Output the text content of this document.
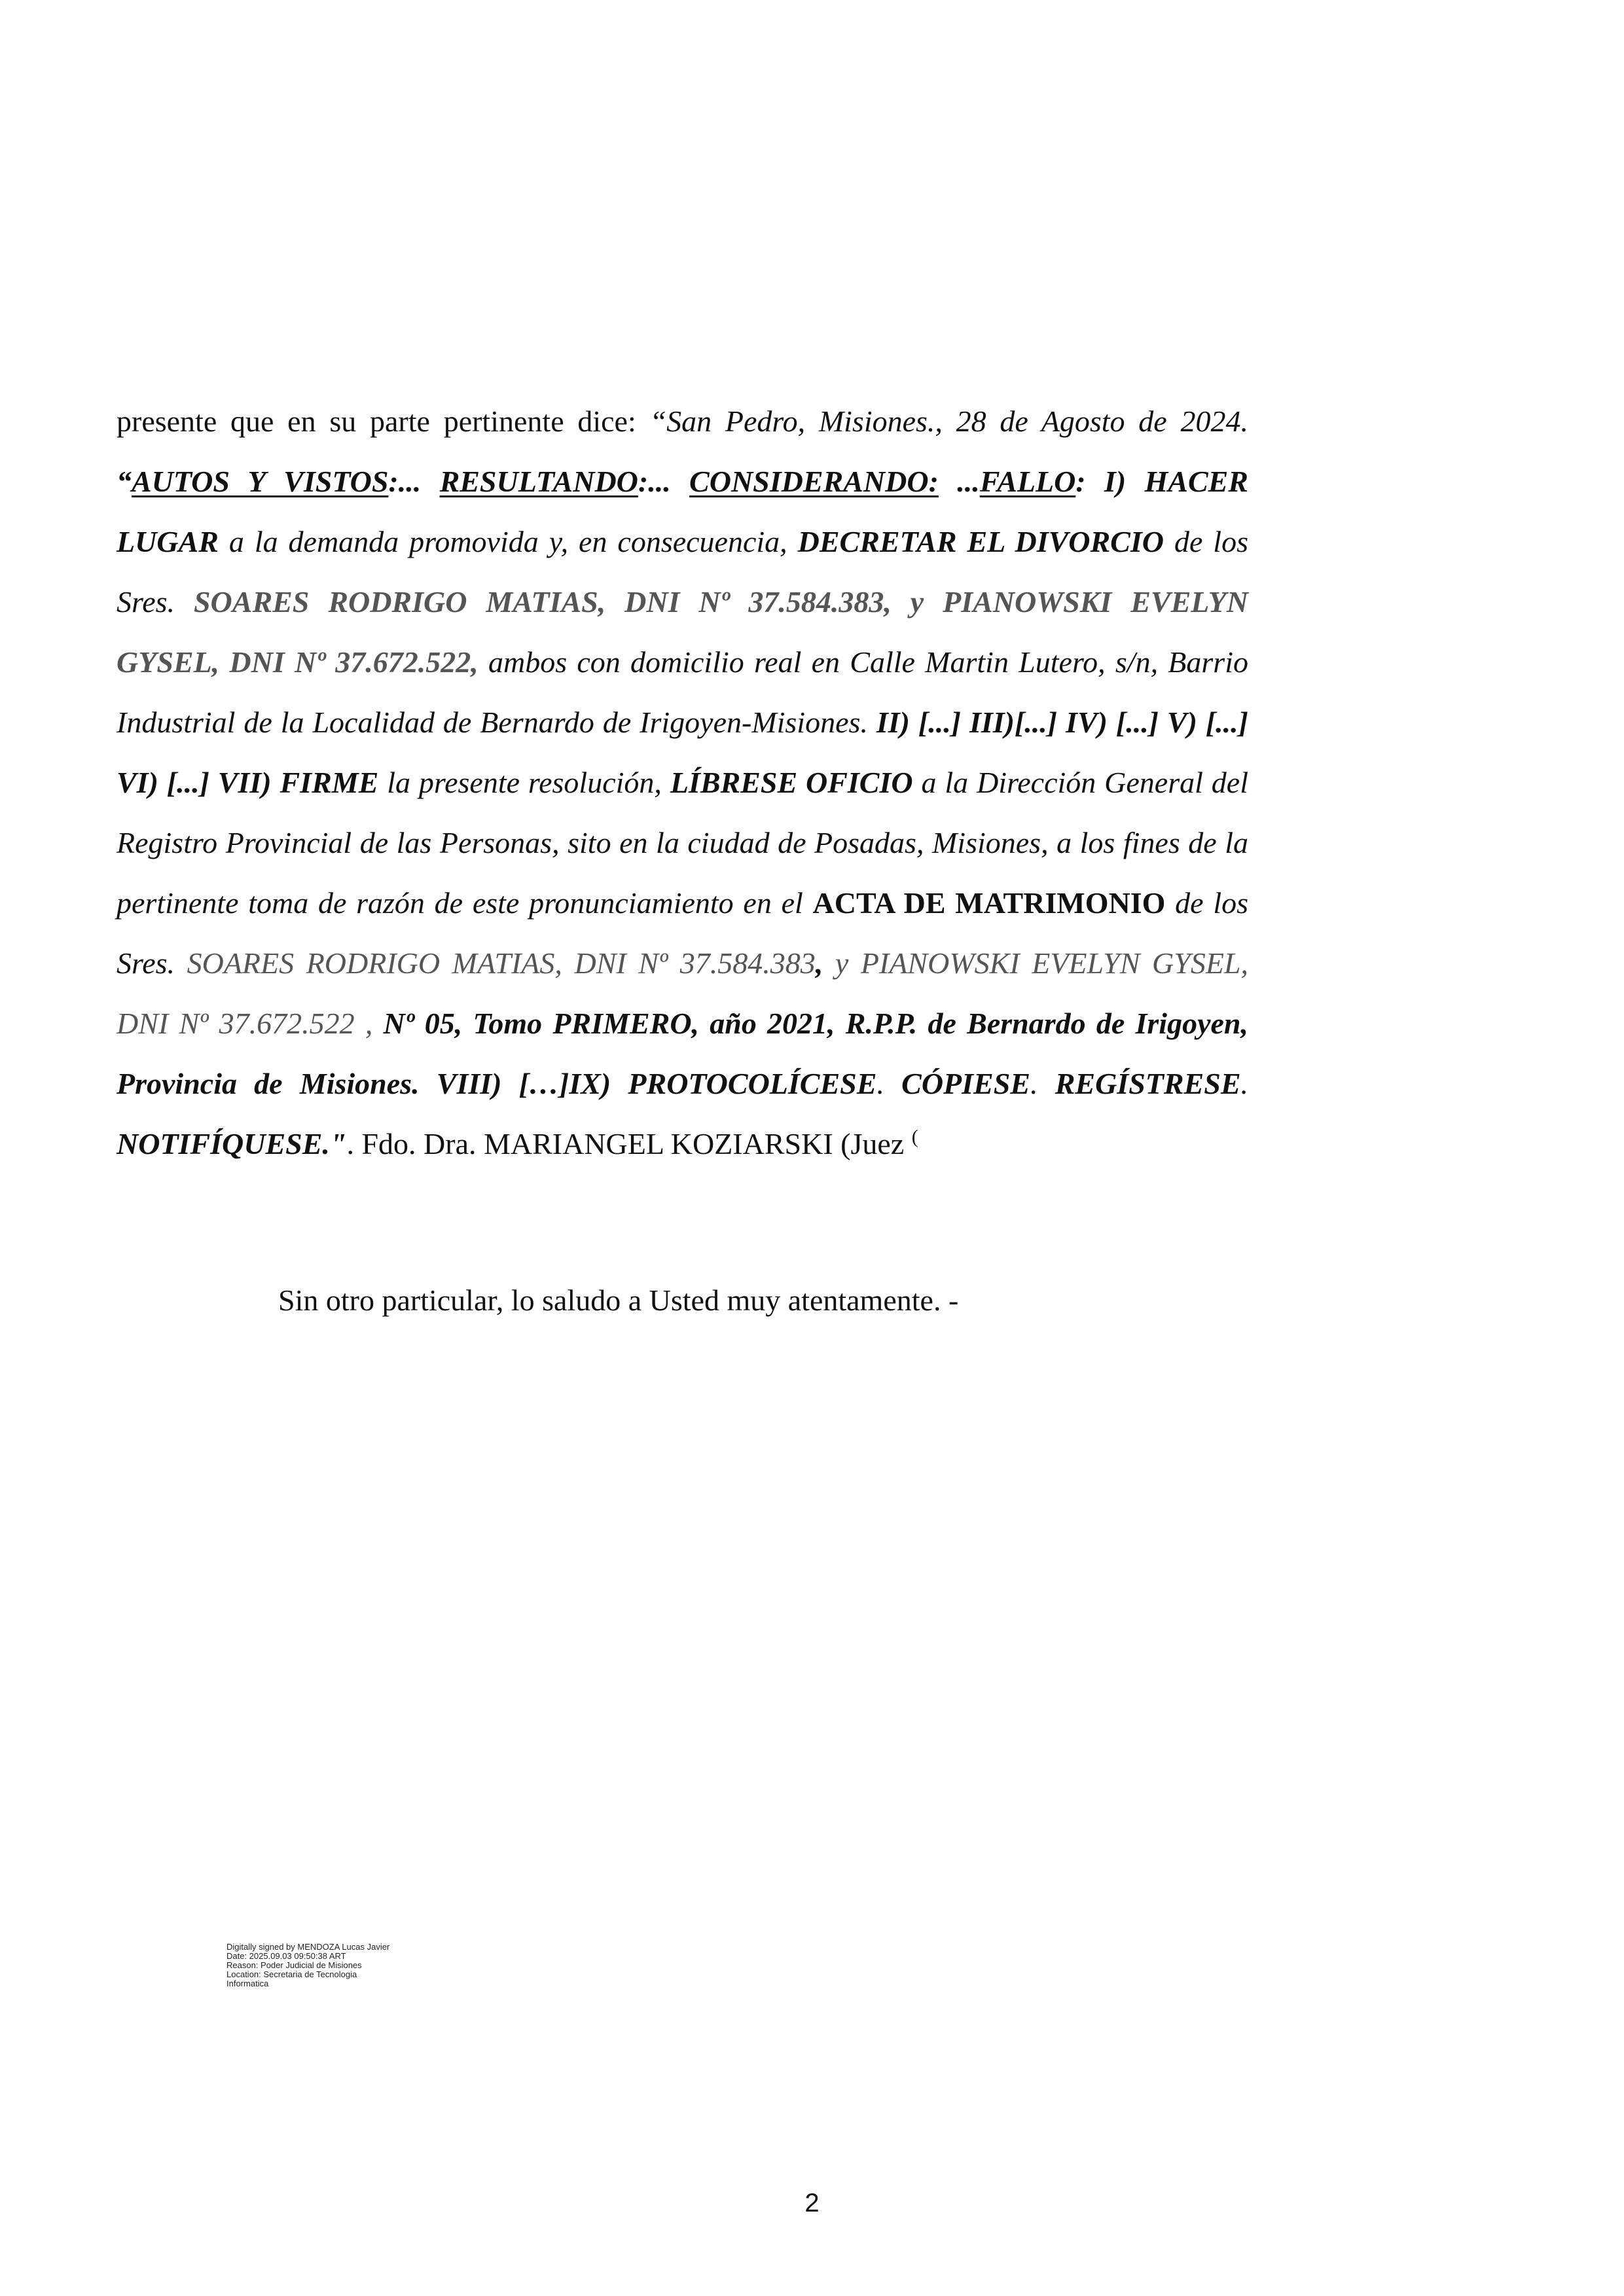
presente que en su parte pertinente dice: “San Pedro, Misiones., 28 de Agosto de 2024. “AUTOS Y VISTOS:... RESULTANDO:... CONSIDERANDO: ...FALLO: I) HACER LUGAR a la demanda promovida y, en consecuencia, DECRETAR EL DIVORCIO de los Sres. SOARES RODRIGO MATIAS, DNI Nº 37.584.383, y PIANOWSKI EVELYN GYSEL, DNI Nº 37.672.522, ambos con domicilio real en Calle Martin Lutero, s/n, Barrio Industrial de la Localidad de Bernardo de Irigoyen-Misiones. II) [...] III)[...] IV) [...] V) [...] VI) [...] VII) FIRME la presente resolución, LÍBRESE OFICIO a la Dirección General del Registro Provincial de las Personas, sito en la ciudad de Posadas, Misiones, a los fines de la pertinente toma de razón de este pronunciamiento en el ACTA DE MATRIMONIO de los Sres. SOARES RODRIGO MATIAS, DNI Nº 37.584.383, y PIANOWSKI EVELYN GYSEL, DNI Nº 37.672.522 , Nº 05, Tomo PRIMERO, año 2021, R.P.P. de Bernardo de Irigoyen, Provincia de Misiones. VIII) […]IX) PROTOCOLÍCESE. CÓPIESE. REGÍSTRESE. NOTIFÍQUESE.". Fdo. Dra. MARIANGEL KOZIARSKI (Juez (
Sin otro particular, lo saludo a Usted muy atentamente. -
Digitally signed by MENDOZA Lucas Javier
Date: 2025.09.03 09:50:38 ART
Reason: Poder Judicial de Misiones
Location: Secretaria de Tecnologia
Informatica
2
